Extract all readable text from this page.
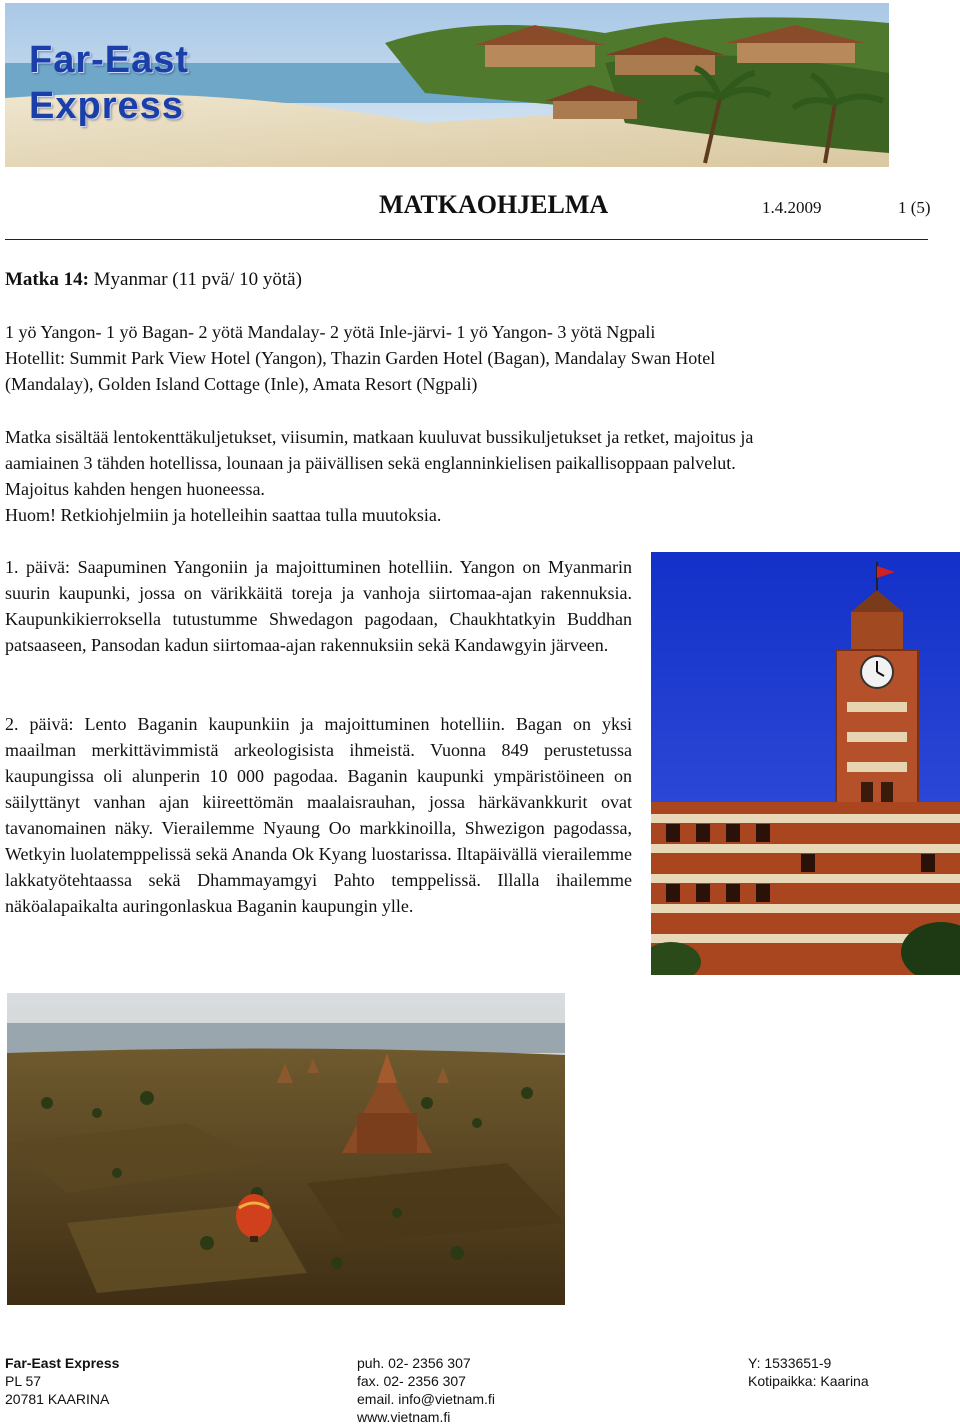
Far-East
Express
MATKAOHJELMA	1.4.2009	1 (5)

Matka 14: Myanmar (11 pvä/ 10 yötä)

1 yö Yangon- 1 yö Bagan- 2 yötä Mandalay- 2 yötä Inle-järvi- 1 yö Yangon- 3 yötä Ngpali
Hotellit: Summit Park View Hotel (Yangon), Thazin Garden Hotel (Bagan), Mandalay Swan Hotel
(Mandalay), Golden Island Cottage (Inle), Amata Resort (Ngpali)
Matka sisältää lentokenttäkuljetukset, viisumin, matkaan kuuluvat bussikuljetukset ja retket, majoitus ja
aamiainen 3 tähden hotellissa, lounaan ja päivällisen sekä englanninkielisen paikallisoppaan palvelut.
Majoitus kahden hengen huoneessa.
Huom! Retkiohjelmiin ja hotelleihin saattaa tulla muutoksia.

1. päivä: Saapuminen Yangoniin ja majoittuminen hotelliin. Yangon on Myanmarin suurin kaupunki, jossa on värikkäitä toreja ja vanhoja siirtomaa-ajan rakennuksia. Kaupunkikierroksella tutustumme Shwedagon pagodaan, Chaukhtatkyin Buddhan patsaaseen, Pansodan kadun siirtomaa-ajan rakennuksiin sekä Kandawgyin järveen.

2. päivä: Lento Baganin kaupunkiin ja majoittuminen hotelliin. Bagan on yksi maailman merkittävimmistä arkeologisista ihmeistä. Vuonna 849 perustetussa kaupungissa oli alunperin 10 000 pagodaa. Baganin kaupunki ympäristöineen on säilyttänyt vanhan ajan kiireettömän maalaisrauhan, jossa härkävankkurit ovat tavanomainen näky. Vierailemme Nyaung Oo markkinoilla, Shwezigon pagodassa, Wetkyin luolatemppelissä sekä Ananda Ok Kyang luostarissa. Iltapäivällä vierailemme lakkatyötehtaassa sekä Dhammayamgyi Pahto temppelissä. Illalla ihailemme näköalapaikalta auringonlaskua Baganin kaupungin ylle.

Far-East Express
PL 57
20781 KAARINA
puh. 02- 2356 307
fax. 02- 2356 307
email. info@vietnam.fi
www.vietnam.fi
Y: 1533651-9
Kotipaikka: Kaarina
